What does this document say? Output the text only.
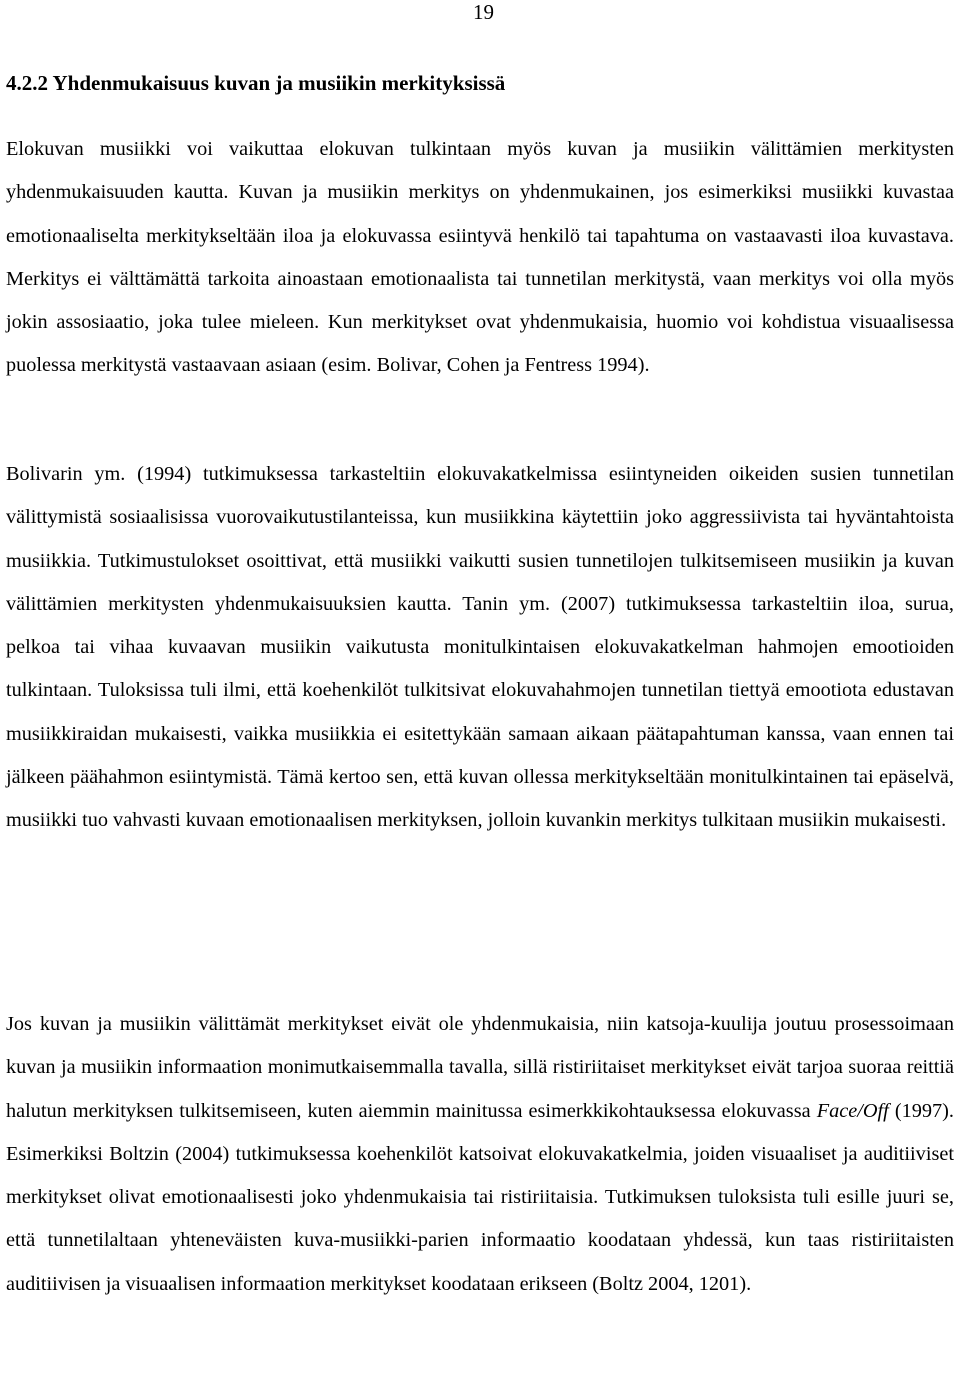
19
4.2.2 Yhdenmukaisuus kuvan ja musiikin merkityksissä

Elokuvan musiikki voi vaikuttaa elokuvan tulkintaan myös kuvan ja musiikin välittämien merkitysten yhdenmukaisuuden kautta. Kuvan ja musiikin merkitys on yhdenmukainen, jos esimerkiksi musiikki kuvastaa emotionaaliselta merkitykseltään iloa ja elokuvassa esiintyvä henkilö tai tapahtuma on vastaavasti iloa kuvastava. Merkitys ei välttämättä tarkoita ainoastaan emotionaalista tai tunnetilan merkitystä, vaan merkitys voi olla myös jokin assosiaatio, joka tulee mieleen. Kun merkitykset ovat yhdenmukaisia, huomio voi kohdistua visuaalisessa puolessa merkitystä vastaavaan asiaan (esim. Bolivar, Cohen ja Fentress 1994).

Bolivarin ym. (1994) tutkimuksessa tarkasteltiin elokuvakatkelmissa esiintyneiden oikeiden susien tunnetilan välittymistä sosiaalisissa vuorovaikutustilanteissa, kun musiikkina käytettiin joko aggressiivista tai hyväntahtoista musiikkia. Tutkimustulokset osoittivat, että musiikki vaikutti susien tunnetilojen tulkitsemiseen musiikin ja kuvan välittämien merkitysten yhdenmukaisuuksien kautta. Tanin ym. (2007) tutkimuksessa tarkasteltiin iloa, surua, pelkoa tai vihaa kuvaavan musiikin vaikutusta monitulkintaisen elokuvakatkelman hahmojen emootioiden tulkintaan. Tuloksissa tuli ilmi, että koehenkilöt tulkitsivat elokuvahahmojen tunnetilan tiettyä emootiota edustavan musiikkiraidan mukaisesti, vaikka musiikkia ei esitettykään samaan aikaan päätapahtuman kanssa, vaan ennen tai jälkeen päähahmon esiintymistä. Tämä kertoo sen, että kuvan ollessa merkitykseltään monitulkintainen tai epäselvä, musiikki tuo vahvasti kuvaan emotionaalisen merkityksen, jolloin kuvankin merkitys tulkitaan musiikin mukaisesti.

Jos kuvan ja musiikin välittämät merkitykset eivät ole yhdenmukaisia, niin katsoja-kuulija joutuu prosessoimaan kuvan ja musiikin informaation monimutkaisemmalla tavalla, sillä ristiriitaiset merkitykset eivät tarjoa suoraa reittiä halutun merkityksen tulkitsemiseen, kuten aiemmin mainitussa esimerkkikohtauksessa elokuvassa Face/Off (1997). Esimerkiksi Boltzin (2004) tutkimuksessa koehenkilöt katsoivat elokuvakatkelmia, joiden visuaaliset ja auditiiviset merkitykset olivat emotionaalisesti joko yhdenmukaisia tai ristiriitaisia. Tutkimuksen tuloksista tuli esille juuri se, että tunnetilaltaan yhteneväisten kuva-musiikki-parien informaatio koodataan yhdessä, kun taas ristiriitaisten auditiivisen ja visuaalisen informaation merkitykset koodataan erikseen (Boltz 2004, 1201).
